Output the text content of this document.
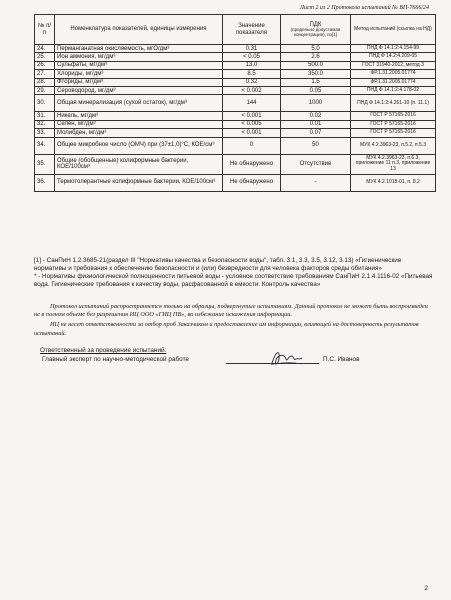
Лист 2 из 2 Протокола испытаний № ВП-7666/24
№ п/п	Номенклатура показателей, единицы измерения	Значение показателя	ПДК
(предельно допустимая концентрация), по[1]	Метод испытаний (ссылка на НД)
24.	Перманганатная окисляемость, мгО/дм³	0.31	5.0	ПНД Ф 14.1:2:4.154-99
25.	Ион аммония, мг/дм³	< 0.05	2.6	ПНД Ф 14.2:4.209-05
26.	Сульфаты, мг/дм³	13.0	500.0	ГОСТ 31940-2012, метод 3
27.	Хлориды, мг/дм³	8.5	350.0	ФР.1.31.2005.01774
28.	Фториды, мг/дм³	0.32	1.5	ФР.1.31.2005.01774
29.	Сероводород, мг/дм³	< 0.002	0.05	ПНД Ф 14.1:2:4.178-02
30.	Общая минерализация (сухой остаток), мг/дм³	144	1000	ПНД Ф 14.1:2:4.261-10 (п. 11.1)
31.	Никель, мг/дм³	< 0.001	0.02	ГОСТ Р 57165-2016
32.	Селен, мг/дм³	< 0.005	0.01	ГОСТ Р 57165-2016
33.	Молибден, мг/дм³	< 0.001	0.07	ГОСТ Р 57165-2016
34.	Общее микробное число (ОМЧ) при (37±1,0)°С, КОЕ/см³	0	50	МУК 4.2.3963-23, п.5.2, п.5.3
35.	Общие (обобщенные) колиформные бактерии, КОЕ/100см³	Не обнаружено	Отсутствие	МУК 4.2.3963-23, п.6.3, приложение 11 п.3, приложение 13
36.	Термотолерантные колиформные бактерии, КОЕ/100см³	Не обнаружено	-	МУК 4.2.1018-01, п. 8.2

[1] - СанПиН 1.2.3685-21(раздел III "Нормативы качества и безопасности воды", табл. 3.1, 3.3, 3.5, 3.12, 3.13) «Гигиенические нормативы и требования к обеспечению безопасности и (или) безвредности для человека факторов среды обитания»

* - Нормативы физиологической полноценности питьевой воды - условное соответствие требованиям СанПиН 2.1.4.1116-02 «Питьевая вода. Гигиенические требования к качеству воды, расфасованной в емкости. Контроль качества»

Протокол испытаний распространяется только на образцы, подвергнутые испытаниям. Данный протокол не может быть воспроизведен не в полном объеме без разрешения ИЦ ООО «ГИЦ ПВ», во избежание искажения информации.

ИЦ не несет ответственности за отбор проб Заказчиком и предоставление им информации, влияющей на достоверность результатов испытаний.

Ответственный за проведение испытаний:
Главный эксперт по научно-методической работе	П.С. Иванов
2
